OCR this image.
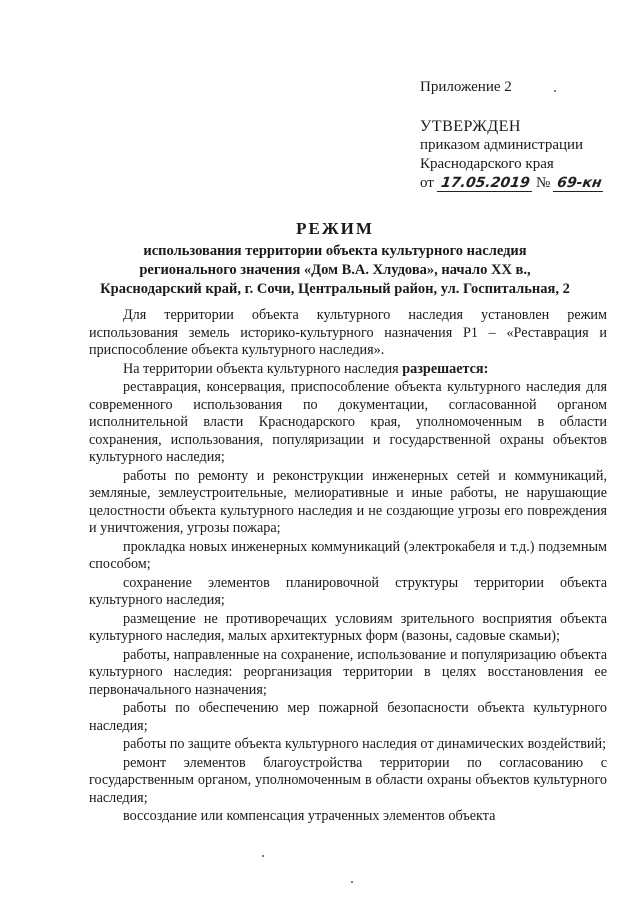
Приложение 2
УТВЕРЖДЕН
приказом администрации
Краснодарского края
от 17.05.2019 № 69-кн
РЕЖИМ
использования территории объекта культурного наследия
регионального значения «Дом В.А. Хлудова», начало ХХ в.,
Краснодарский край, г. Сочи, Центральный район, ул. Госпитальная, 2

Для территории объекта культурного наследия установлен режим использования земель историко-культурного назначения Р1 – «Реставрация и приспособление объекта культурного наследия».

На территории объекта культурного наследия разрешается:

реставрация, консервация, приспособление объекта культурного наследия для современного использования по документации, согласованной органом исполнительной власти Краснодарского края, уполномоченным в области сохранения, использования, популяризации и государственной охраны объектов культурного наследия;

работы по ремонту и реконструкции инженерных сетей и коммуникаций, земляные, землеустроительные, мелиоративные и иные работы, не нарушающие целостности объекта культурного наследия и не создающие угрозы его повреждения и уничтожения, угрозы пожара;

прокладка новых инженерных коммуникаций (электрокабеля и т.д.) подземным способом;

сохранение элементов планировочной структуры территории объекта культурного наследия;

размещение не противоречащих условиям зрительного восприятия объекта культурного наследия, малых архитектурных форм (вазоны, садовые скамьи);

работы, направленные на сохранение, использование и популяризацию объекта культурного наследия: реорганизация территории в целях восстановления ее первоначального назначения;

работы по обеспечению мер пожарной безопасности объекта культурного наследия;

работы по защите объекта культурного наследия от динамических воздействий;

ремонт элементов благоустройства территории по согласованию с государственным органом, уполномоченным в области охраны объектов культурного наследия;

воссоздание или компенсация утраченных элементов объекта
